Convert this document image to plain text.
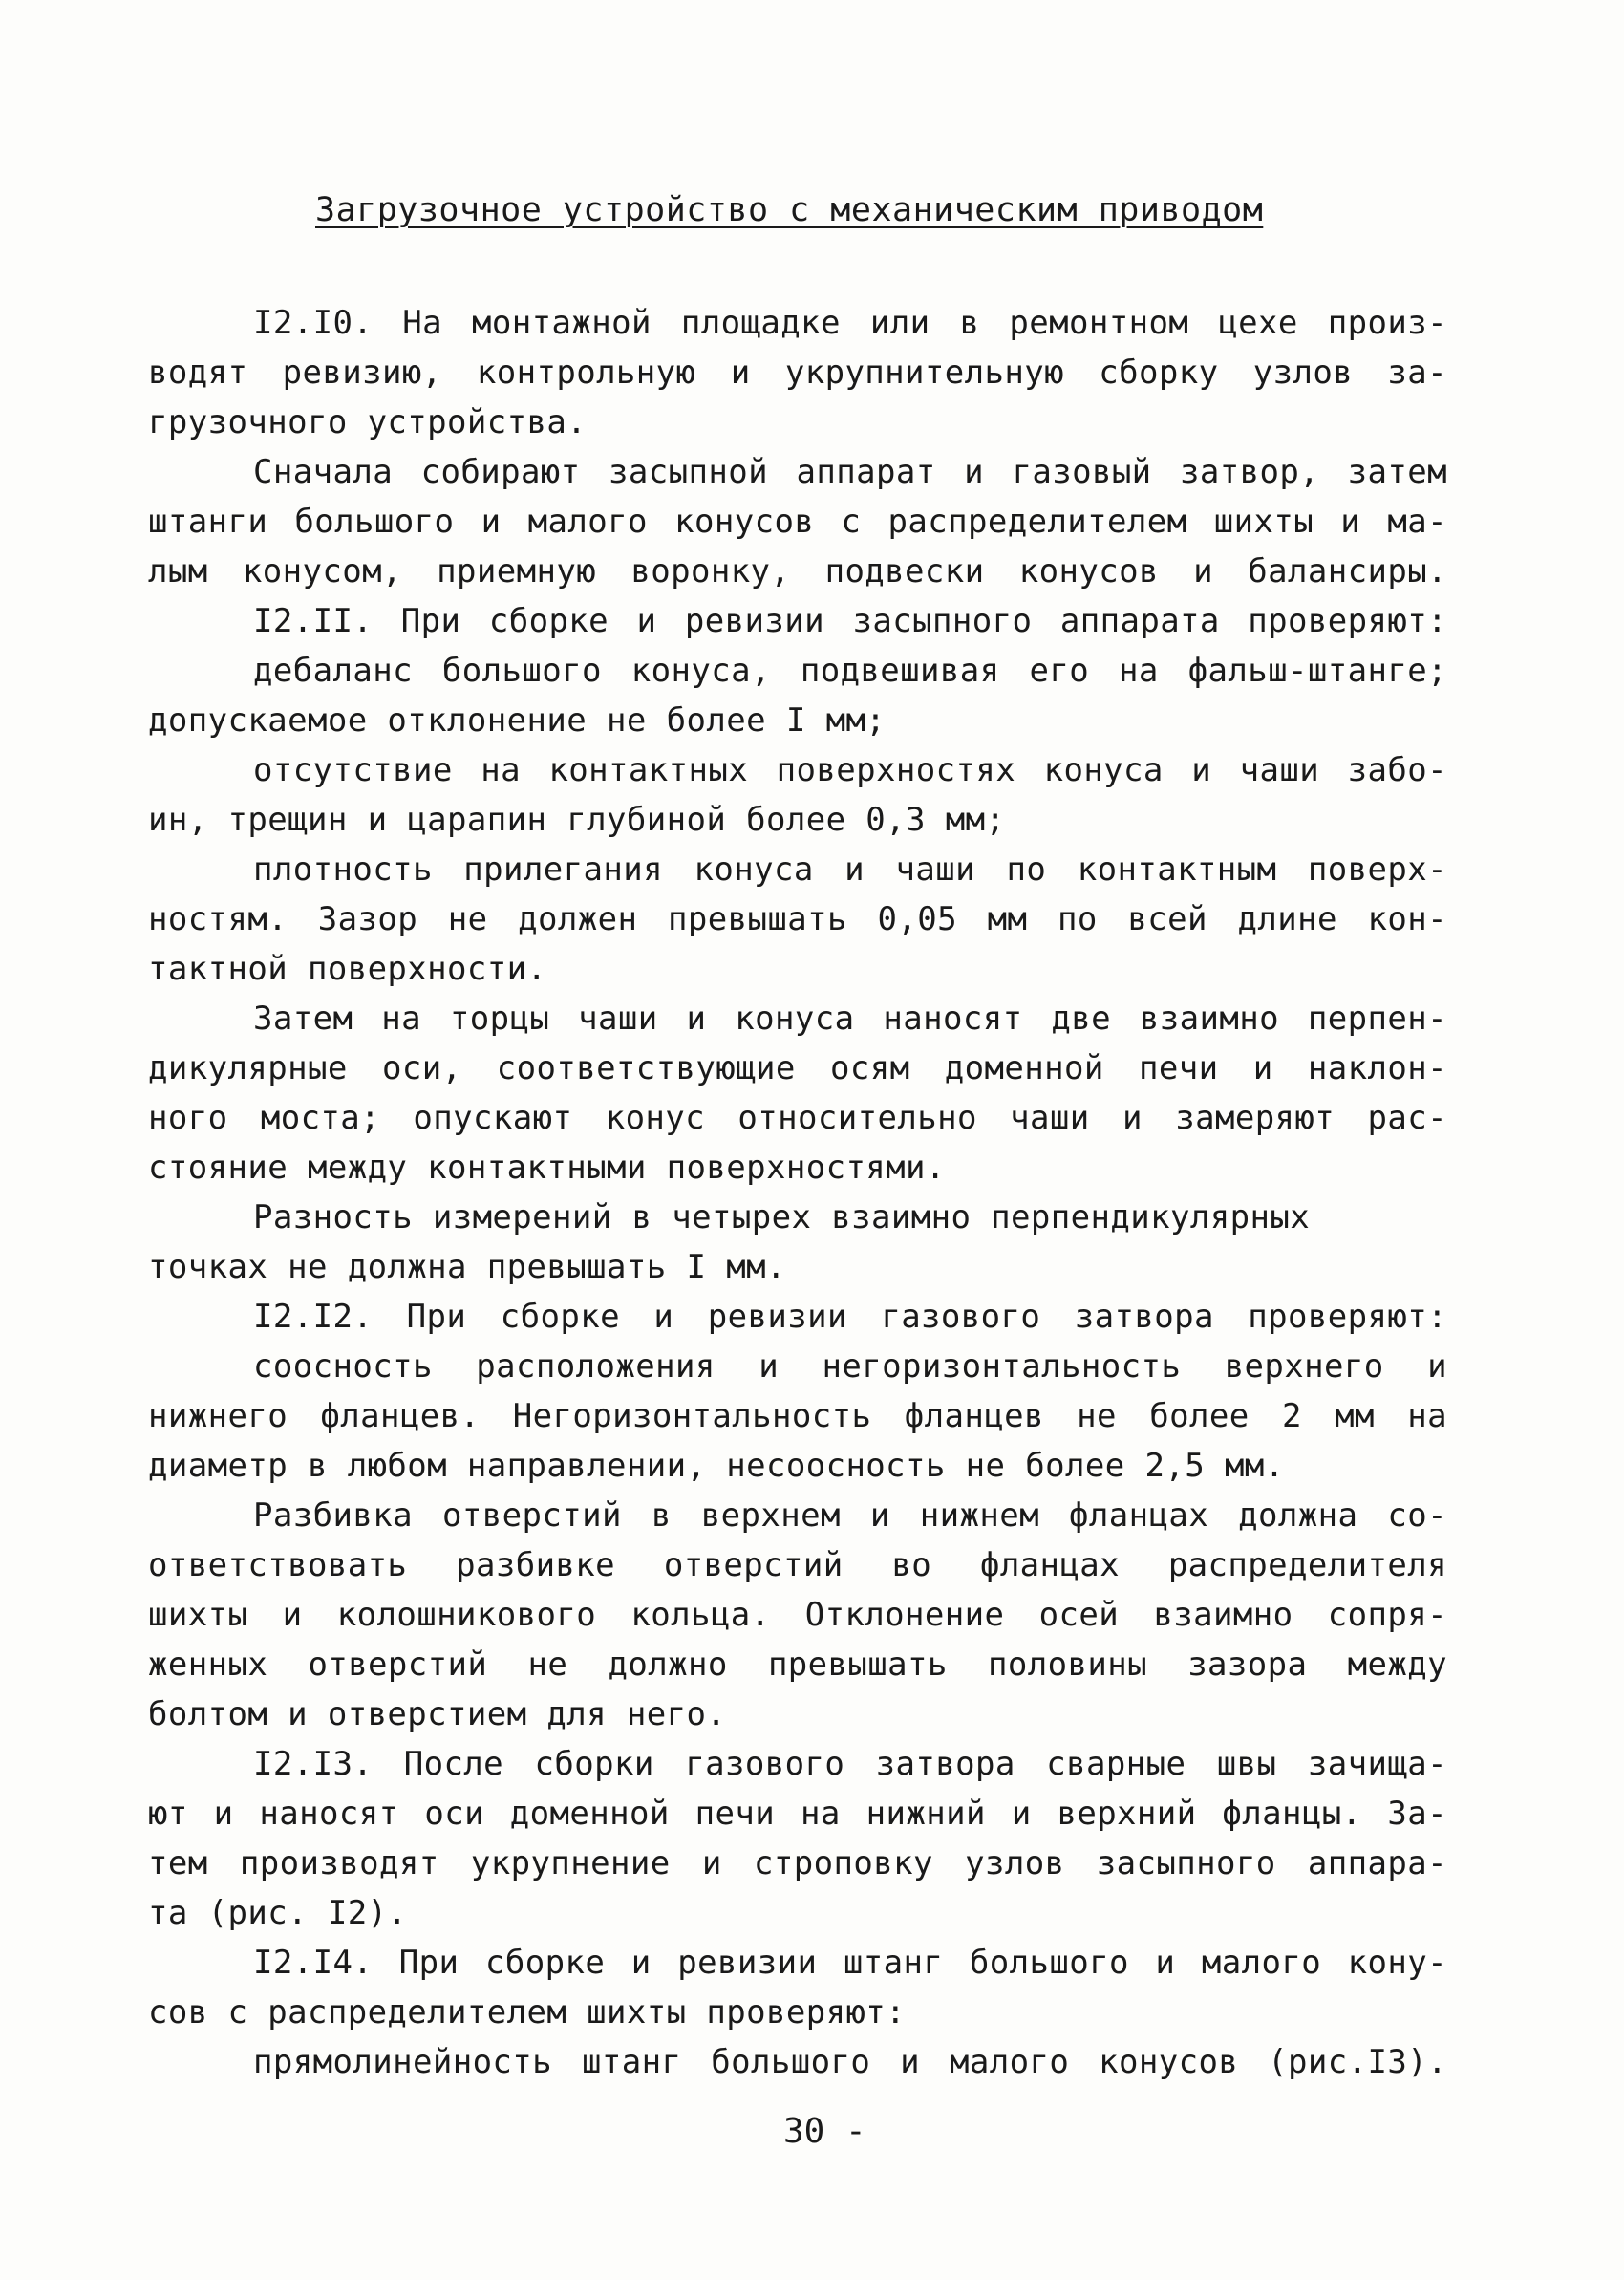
Загрузочное устройство с механическим приводом
I2.I0. На монтажной площадке или в ремонтном цехе произ-
водят ревизию, контрольную и укрупнительную сборку узлов за-
грузочного устройства.
Сначала собирают засыпной аппарат и газовый затвор, затем
штанги большого и малого конусов с распределителем шихты и ма-
лым конусом, приемную воронку, подвески конусов и балансиры.
I2.II. При сборке и ревизии засыпного аппарата проверяют:
дебаланс большого конуса, подвешивая его на фальш-штанге;
допускаемое отклонение не более I мм;
отсутствие на контактных поверхностях конуса и чаши забо-
ин, трещин и царапин глубиной более 0,3 мм;
плотность прилегания конуса и чаши по контактным поверх-
ностям. Зазор не должен превышать 0,05 мм по всей длине кон-
тактной поверхности.
Затем на торцы чаши и конуса наносят две взаимно перпен-
дикулярные оси, соответствующие осям доменной печи и наклон-
ного моста; опускают конус относительно чаши и замеряют рас-
стояние между контактными поверхностями.
Разность измерений в четырех взаимно перпендикулярных
точках не должна превышать I мм.
I2.I2. При сборке и ревизии газового затвора проверяют:
соосность расположения и негоризонтальность верхнего и
нижнего фланцев. Негоризонтальность фланцев не более 2 мм на
диаметр в любом направлении, несоосность не более 2,5 мм.
Разбивка отверстий в верхнем и нижнем фланцах должна со-
ответствовать разбивке отверстий во фланцах распределителя
шихты и колошникового кольца. Отклонение осей взаимно сопря-
женных отверстий не должно превышать половины зазора между
болтом и отверстием для него.
I2.I3. После сборки газового затвора сварные швы зачища-
ют и наносят оси доменной печи на нижний и верхний фланцы. За-
тем производят укрупнение и строповку узлов засыпного аппара-
та (рис. I2).
I2.I4. При сборке и ревизии штанг большого и малого кону-
сов с распределителем шихты проверяют:
прямолинейность штанг большого и малого конусов (рис.I3).
30 -
